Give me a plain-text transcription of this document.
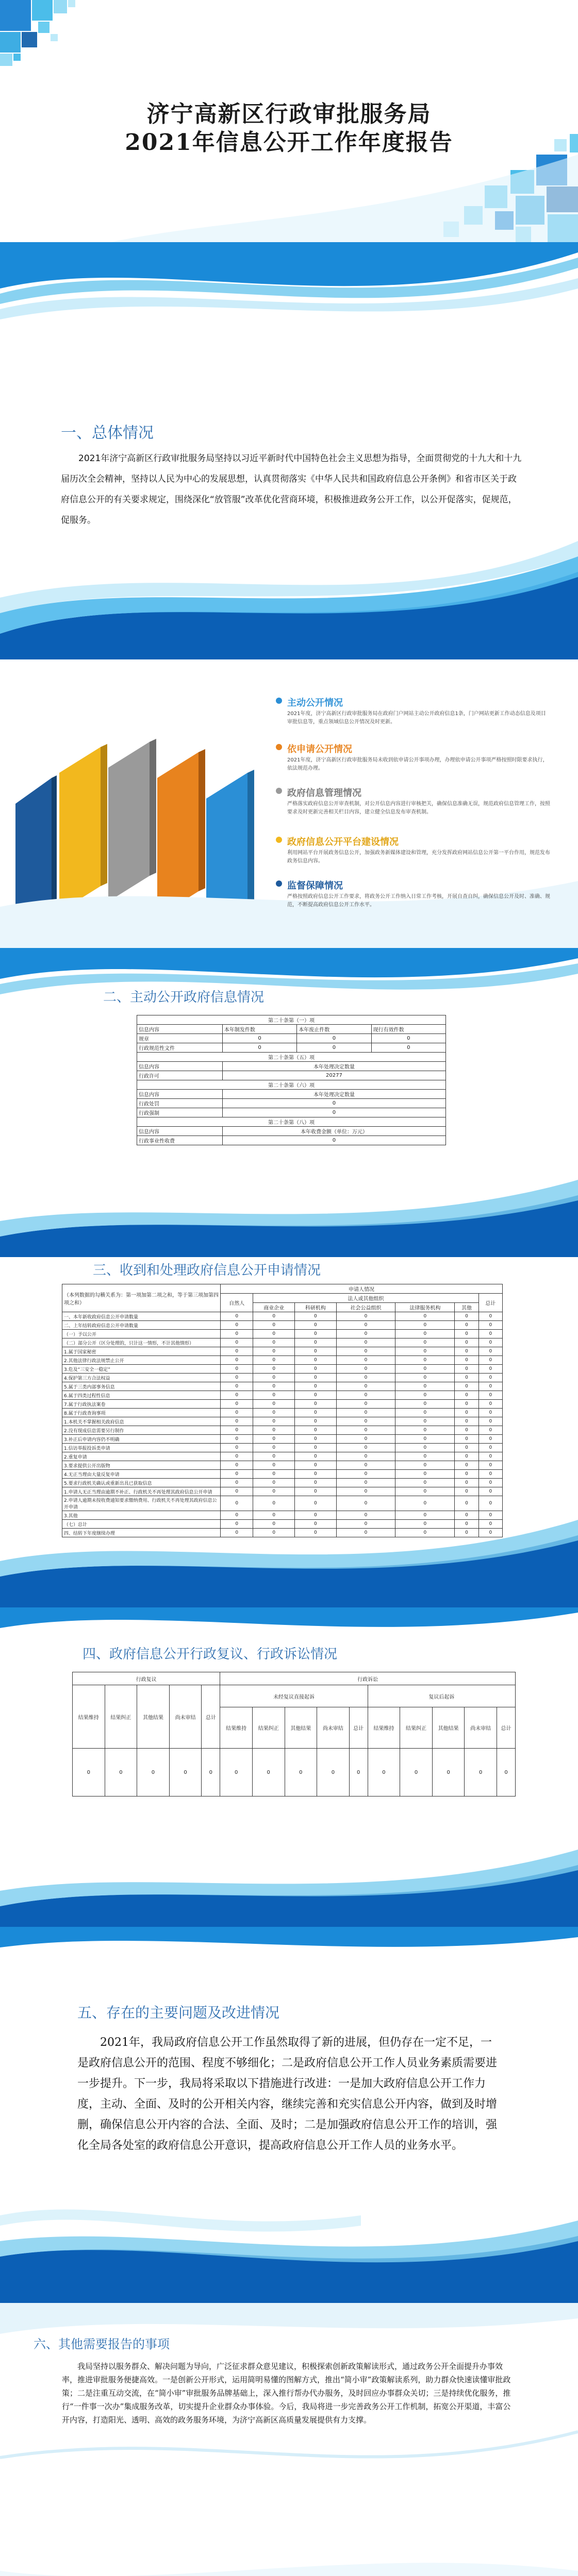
济宁高新区行政审批服务局
2021年信息公开工作年度报告
一、总体情况
2021年济宁高新区行政审批服务局坚持以习近平新时代中国特色社会主义思想为指导，全面贯彻党的十九大和十九届历次全会精神，坚持以人民为中心的发展思想，认真贯彻落实《中华人民共和国政府信息公开条例》和省市区关于政府信息公开的有关要求规定，围绕深化“放管服”改革优化营商环境，积极推进政务公开工作，以公开促落实，促规范，促服务。
主动公开情况
2021年度，济宁高新区行政审批服务局在政府门户网站主动公开政府信息1条，门户网站更新工作动态信息及项目审批信息等，重点领域信息公开情况及时更新。
依申请公开情况
2021年度，济宁高新区行政审批服务局未收到依申请公开事项办理，办理依申请公开事项严格按照时限要求执行，依法规范办理。
政府信息管理情况
严格落实政府信息公开审查机制，对公开信息内容进行审核把关，确保信息准确无误，规范政府信息管理工作，按照要求及时更新完善相关栏目内容，建立健全信息发布审查机制。
政府信息公开平台建设情况
利用网站平台开展政务信息公开，加强政务新媒体建设和管理，充分发挥政府网站信息公开第一平台作用，规范发布政务信息内容。
监督保障情况
严格按照政府信息公开工作要求，将政务公开工作纳入日常工作考核，开展自查自纠，确保信息公开及时、准确、规范，不断提高政府信息公开工作水平。
二、主动公开政府信息情况
第二十条第（一）项			
信息内容	本年制发件数	本年废止件数	现行有效件数
规章	0	0	0
行政规范性文件	0	0	0
第二十条第（五）项			
信息内容	本年处理决定数量		
行政许可	20277		
第二十条第（六）项			
信息内容	本年处理决定数量		
行政处罚	0		
行政强制	0		
第二十条第（八）项			
信息内容	本年收费金额（单位：万元）		
行政事业性收费	0		
三、收到和处理政府信息公开申请情况
（本列数据的勾稽关系为：第一项加第二项之和，等于第三项加第四项之和）	申请人情况						
	自然人	法人或其他组织					总计
		商业企业	科研机构	社会公益组织	法律服务机构	其他	
一、本年新收政府信息公开申请数量	0	0	0	0	0	0	0
二、上年结转政府信息公开申请数量	0	0	0	0	0	0	0
（一）予以公开	0	0	0	0	0	0	0
（二）部分公开（区分处理的，只计这一情形，不计其他情形）	0	0	0	0	0	0	0
1.属于国家秘密	0	0	0	0	0	0	0
2.其他法律行政法规禁止公开	0	0	0	0	0	0	0
3.危及“三安全一稳定”	0	0	0	0	0	0	0
4.保护第三方合法权益	0	0	0	0	0	0	0
5.属于三类内部事务信息	0	0	0	0	0	0	0
6.属于四类过程性信息	0	0	0	0	0	0	0
7.属于行政执法案卷	0	0	0	0	0	0	0
8.属于行政查询事项	0	0	0	0	0	0	0
1.本机关不掌握相关政府信息	0	0	0	0	0	0	0
2.没有现成信息需要另行制作	0	0	0	0	0	0	0
3.补正后申请内容仍不明确	0	0	0	0	0	0	0
1.信访举报投诉类申请	0	0	0	0	0	0	0
2.重复申请	0	0	0	0	0	0	0
3.要求提供公开出版物	0	0	0	0	0	0	0
4.无正当理由大量反复申请	0	0	0	0	0	0	0
5.要求行政机关确认或重新出具已获取信息	0	0	0	0	0	0	0
1.申请人无正当理由逾期不补正、行政机关不再处理其政府信息公开申请	0	0	0	0	0	0	0
2.申请人逾期未按收费通知要求缴纳费用、行政机关不再处理其政府信息公开申请	0	0	0	0	0	0	0
3.其他	0	0	0	0	0	0	0
（七）总计	0	0	0	0	0	0	0
四、结转下年度继续办理	0	0	0	0	0	0	0
四、政府信息公开行政复议、行政诉讼情况
行政复议					行政诉讼									
结果维持	结果纠正	其他结果	尚未审结	总计	未经复议直接起诉					复议后起诉				
					结果维持	结果纠正	其他结果	尚未审结	总计	结果维持	结果纠正	其他结果	尚未审结	总计
0	0	0	0	0	0	0	0	0	0	0	0	0	0	0
五、存在的主要问题及改进情况
2021年，我局政府信息公开工作虽然取得了新的进展，但仍存在一定不足，一是政府信息公开的范围、程度不够细化；二是政府信息公开工作人员业务素质需要进一步提升。下一步，我局将采取以下措施进行改进：一是加大政府信息公开工作力度，主动、全面、及时的公开相关内容，继续完善和充实信息公开内容，做到及时增删，确保信息公开内容的合法、全面、及时；二是加强政府信息公开工作的培训，强化全局各处室的政府信息公开意识，提高政府信息公开工作人员的业务水平。
六、其他需要报告的事项
我局坚持以服务群众、解决问题为导向，广泛征求群众意见建议，积极探索创新政策解读形式，通过政务公开全面提升办事效率，推进审批服务便捷高效。一是创新公开形式，运用简明易懂的图解方式，推出“简小审”政策解读系列，助力群众快速读懂审批政策；二是注重互动交流，在“简小审”审批服务品牌基础上，深入推行帮办代办服务，及时回应办事群众关切；三是持续优化服务，推行“一件事一次办”集成服务改革，切实提升企业群众办事体验。今后，我局将进一步完善政务公开工作机制，拓宽公开渠道，丰富公开内容，打造阳光、透明、高效的政务服务环境，为济宁高新区高质量发展提供有力支撑。
